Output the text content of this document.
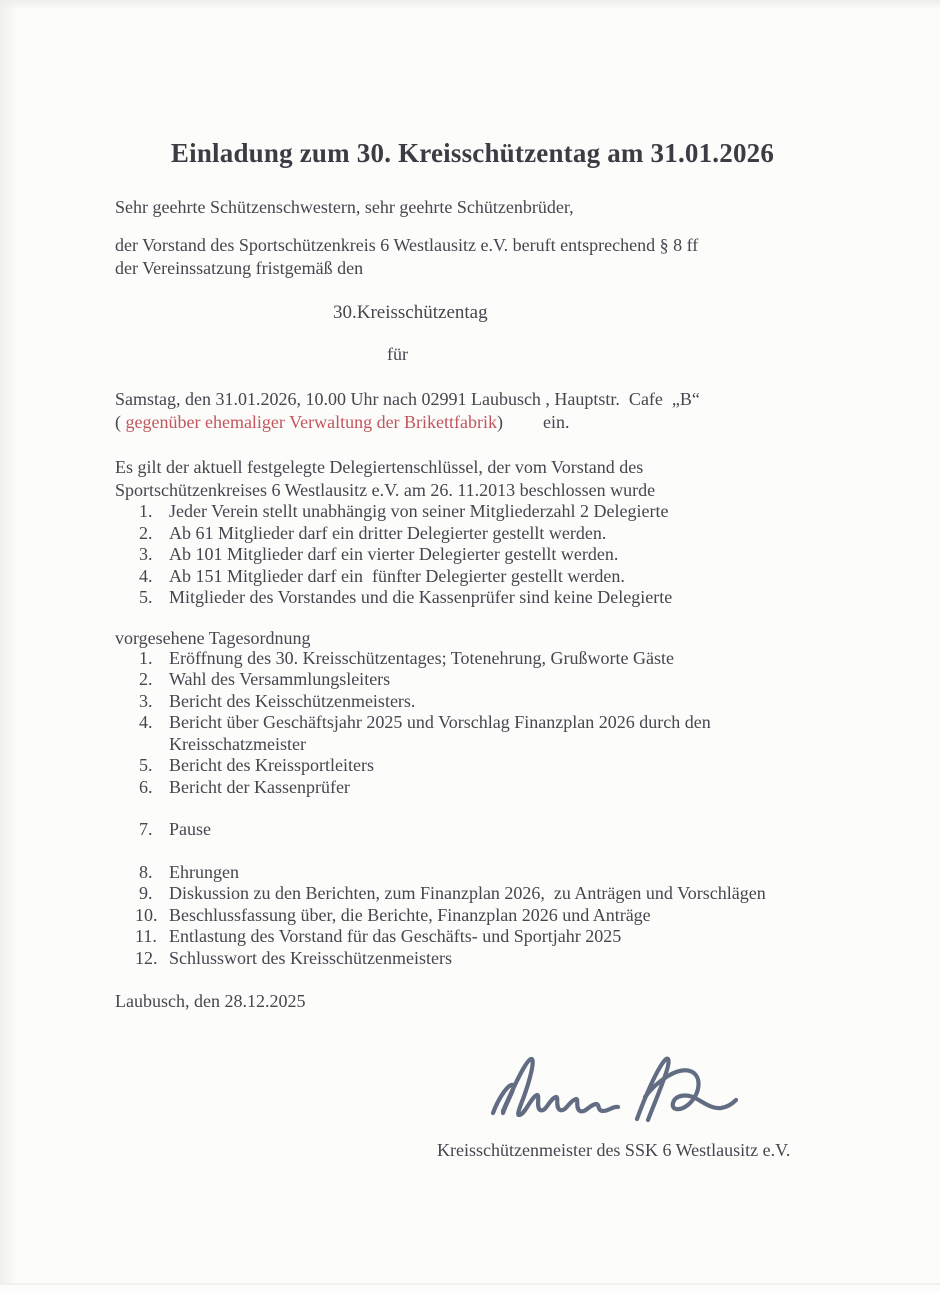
Einladung zum 30. Kreisschützentag am 31.01.2026

Sehr geehrte Schützenschwestern, sehr geehrte Schützenbrüder,

der Vorstand des Sportschützenkreis 6 Westlausitz e.V. beruft entsprechend § 8 ff
der Vereinssatzung fristgemäß den

30.Kreisschützentag
für
Samstag, den 31.01.2026, 10.00 Uhr nach 02991 Laubusch , Hauptstr.  Cafe  „B“
( gegenüber ehemaliger Verwaltung der Brikettfabrik) ein.
Es gilt der aktuell festgelegte Delegiertenschlüssel, der vom Vorstand des
Sportschützenkreises 6 Westlausitz e.V. am 26. 11.2013 beschlossen wurde
1. Jeder Verein stellt unabhängig von seiner Mitgliederzahl 2 Delegierte
2. Ab 61 Mitglieder darf ein dritter Delegierter gestellt werden.
3. Ab 101 Mitglieder darf ein vierter Delegierter gestellt werden.
4. Ab 151 Mitglieder darf ein  fünfter Delegierter gestellt werden.
5. Mitglieder des Vorstandes und die Kassenprüfer sind keine Delegierte
vorgesehene Tagesordnung
1. Eröffnung des 30. Kreisschützentages; Totenehrung, Grußworte Gäste
2. Wahl des Versammlungsleiters
3. Bericht des Keisschützenmeisters.
4. Bericht über Geschäftsjahr 2025 und Vorschlag Finanzplan 2026 durch den
Kreisschatzmeister
5. Bericht des Kreissportleiters
6. Bericht der Kassenprüfer
7. Pause
8. Ehrungen
9. Diskussion zu den Berichten, zum Finanzplan 2026,  zu Anträgen und Vorschlägen
10. Beschlussfassung über, die Berichte, Finanzplan 2026 und Anträge
11. Entlastung des Vorstand für das Geschäfts- und Sportjahr 2025
12. Schlusswort des Kreisschützenmeisters
Laubusch, den 28.12.2025
Kreisschützenmeister des SSK 6 Westlausitz e.V.
